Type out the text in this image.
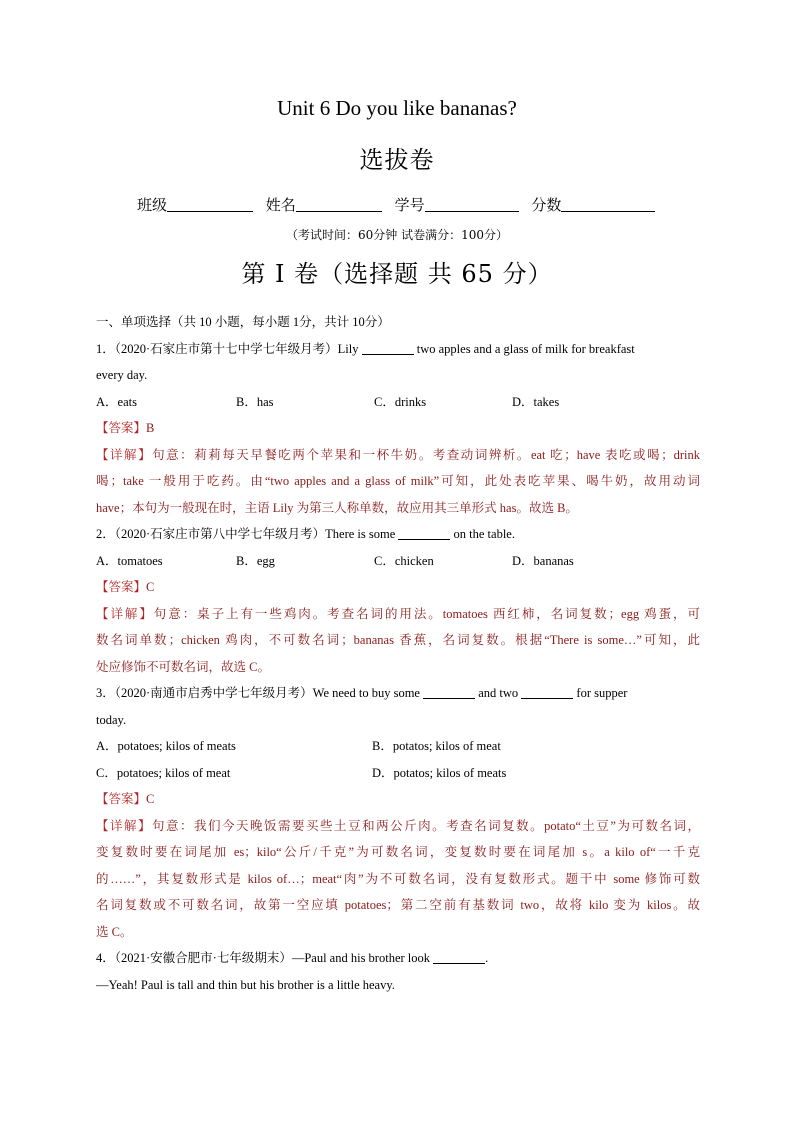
Unit 6 Do you like bananas?
选拔卷
班级	姓名	学号	分数
（考试时间：60分钟 试卷满分：100分）
第 I 卷（选择题 共 65 分）
一、单项选择（共 10 小题，每小题 1分，共计 10分）
1．（2020·石家庄市第十七中学七年级月考）Lily	two apples and a glass of milk for breakfast
every day.
A．eats	B．has	C．drinks	D．takes
【答案】B
【详解】句意：莉莉每天早餐吃两个苹果和一杯牛奶。考查动词辨析。eat 吃；have 表吃或喝；drink
喝；take 一般用于吃药。由“two apples and a glass of milk”可知，此处表吃苹果、喝牛奶，故用动词
have；本句为一般现在时，主语 Lily 为第三人称单数，故应用其三单形式 has。故选 B。
2．（2020·石家庄市第八中学七年级月考）There is some	on the table.
A．tomatoes	B．egg	C．chicken	D．bananas
【答案】C
【详解】句意：桌子上有一些鸡肉。考查名词的用法。tomatoes 西红柿，名词复数；egg 鸡蛋，可
数名词单数；chicken 鸡肉，不可数名词；bananas 香蕉，名词复数。根据“There is some…”可知，此
处应修饰不可数名词，故选 C。
3．（2020·南通市启秀中学七年级月考）We need to buy some	and two	for supper
today.
A．potatoes; kilos of meats	B．potatos; kilos of meat
C．potatoes; kilos of meat	D．potatos; kilos of meats
【答案】C
【详解】句意：我们今天晚饭需要买些土豆和两公斤肉。考查名词复数。potato“土豆”为可数名词，
变复数时要在词尾加 es；kilo“公斤/千克”为可数名词，变复数时要在词尾加 s。a kilo of“一千克
的……”，其复数形式是 kilos of…；meat“肉”为不可数名词，没有复数形式。题干中 some 修饰可数
名词复数或不可数名词，故第一空应填 potatoes；第二空前有基数词 two，故将 kilo 变为 kilos。故
选 C。
4．（2021·安徽合肥市·七年级期末）—Paul and his brother look	.
—Yeah! Paul is tall and thin but his brother is a little heavy.
